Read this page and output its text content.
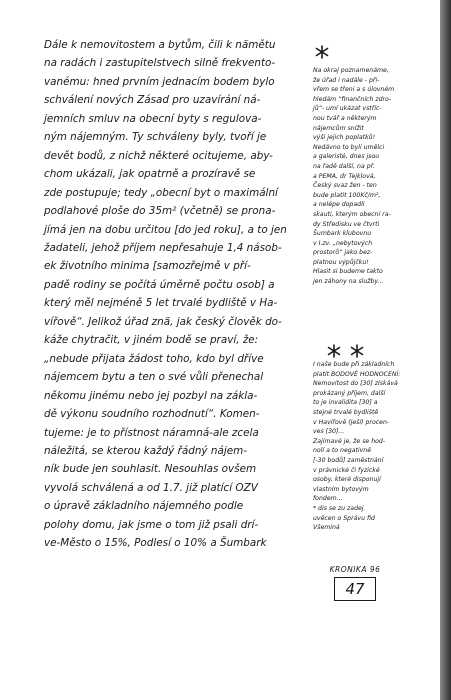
Dále k nemovitostem a bytům, čili k nămětu
na radách i zastupitelstvech silně frekvento-
vanému: hned prvním jednacím bodem bylo
schválení nových Zásad pro uzavírání ná-
jemních smluv na obecní byty s regulova-
ným nájemným. Ty schváleny byly, tvoří je
devět bodů, z nichž některé ocitujeme, aby-
chom ukázali, jak opatrně a prozíravě se
zde postupuje; tedy „obecní byt o maximální
podlahové ploše do 35m² (včetně) se prona-
jímá jen na dobu určitou [do jed roku], a to jen
žadateli, jehož příjem nepřesahuje 1,4 násob-
ek životního minima [samozřejmě v pří-
padě rodiny se počítá úměrně počtu osob] a
který měl nejméně 5 let trvalé bydliště v Ha-
vířově“. Jelikož úřad znä, jak český člověk do-
káže chytračit, v jiném bodě se praví, že:
„nebude přijata žádost toho, kdo byl dříve
nájemcem bytu a ten o své vůli přenechal
někomu jinému nebo jej pozbyl na zákla-
dě výkonu soudního rozhodnutí“. Komen-
tujeme: je to přístnost náramná-ale zcela
náležitá, se kterou každý řádný nájem-
ník bude jen souhlasit. Nesouhlas ovšem
vyvolá schválená a od 1.7. již platící OZV
o úpravě základního nájemného podle
polohy domu, jak jsme o tom již psali drí-
ve-Město o 15%, Podlesí o 10% a Šumbark
Na okraj poznamenáme,
že úřad i nadále - při-
vřem se třeni a s úlovném
hledám “finančních zdro-
jů“- umí ukázat vstříc-
nou tvář a některým
nájemcům snížit
výši jejich poplatků!
Nedávno to byli umělci
a galeristé, dnes jsou
na řadě další, na př.
a PEMA, dr Tejklová,
Český svaz žen - ten
bude platit 100Kč/m²,
a nelépe dopadli
skauti, kterým obecní ra-
dy Středisku ve čtvrti
Šumbark klubovnu
v I.zv. „nebytových
prostorů“ jako bez-
platnou výpůjčku!
Hlasit si budeme takto
jen záhony na služby...
I naše bude při základních
platit BODOVÉ HODNOCENÍ:
Nemovitost do [30] získává
prokázaný příjem, další
to je invalidita [30] a
stejné trvalé bydliště
v Havířově (ješí) procen-
ves [30]...
Zajímavé je, že se hod-
nolí a to negativně
[-30 bodů] zaměstnání
v právnické či fyzické
osoby, které disponují
vlastním bytovým
fondem...
* dis se zu zadej
uvěcen o Správu fid
Všeminá
KRONIKA 96
47
